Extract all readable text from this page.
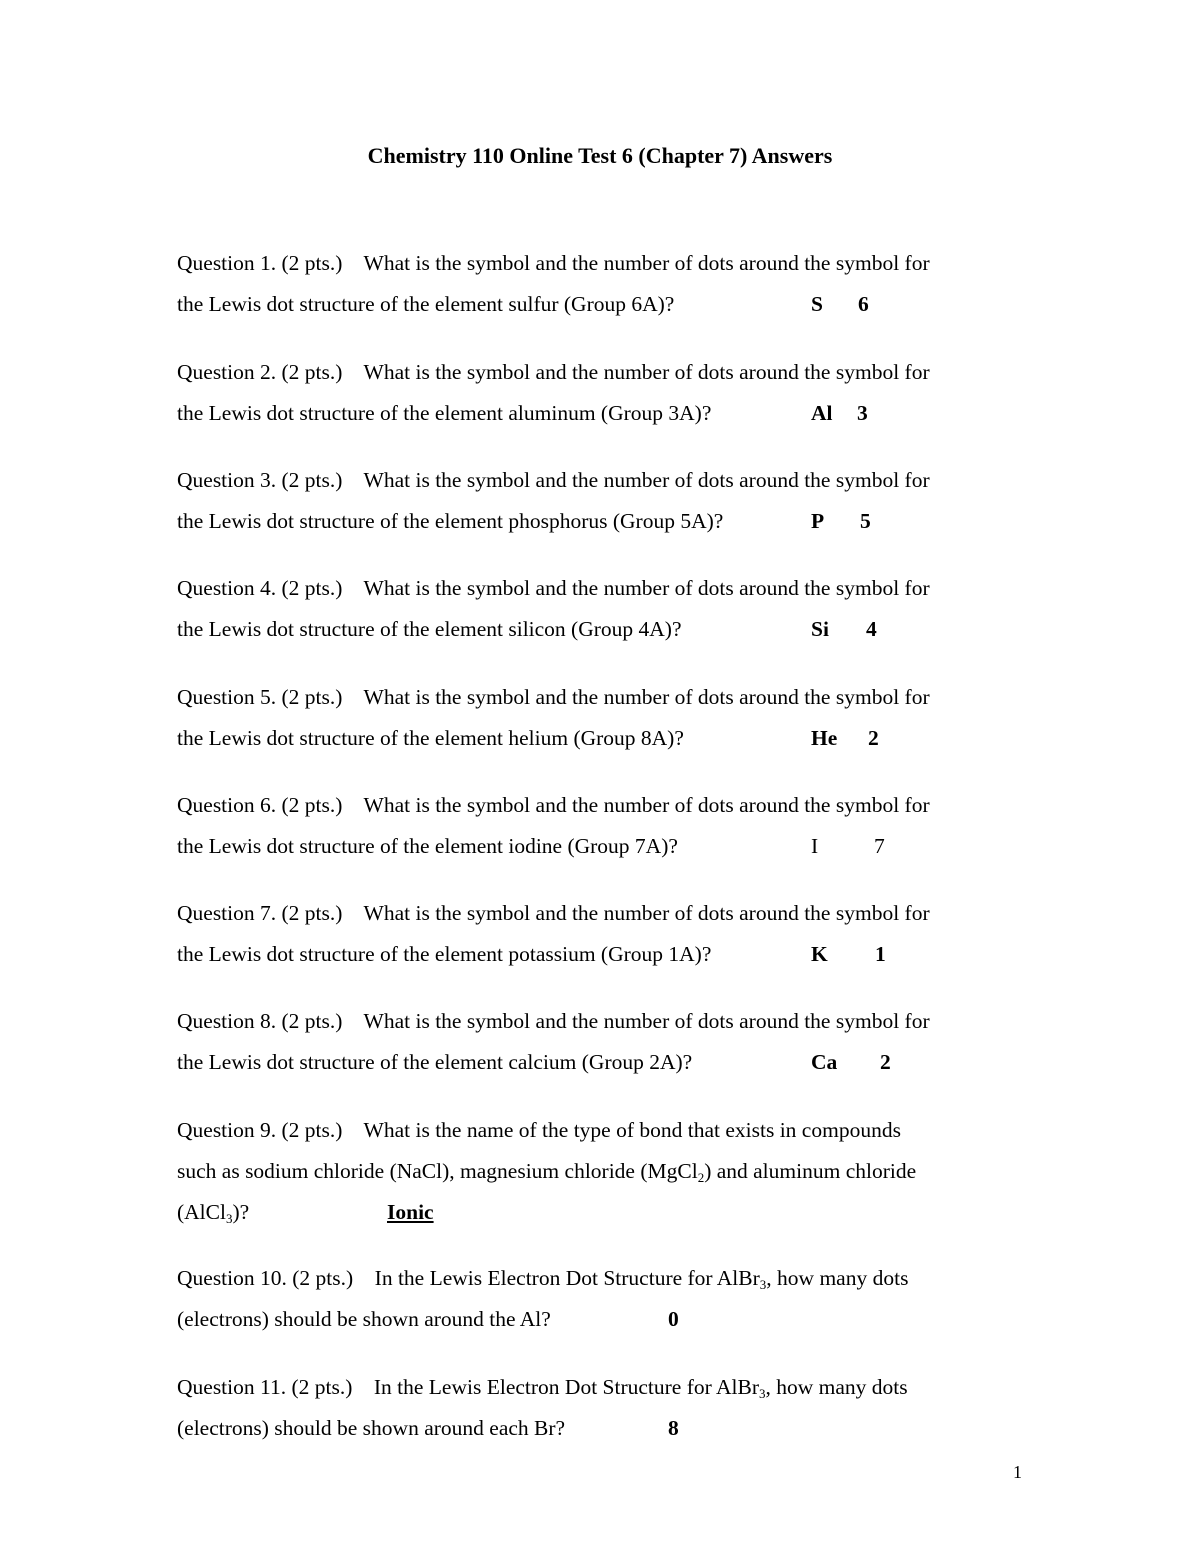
Chemistry 110 Online Test 6 (Chapter 7) Answers
Question 1. (2 pts.) What is the symbol and the number of dots around the symbol for
the Lewis dot structure of the element sulfur (Group 6A)?	S 6
Question 2. (2 pts.) What is the symbol and the number of dots around the symbol for
the Lewis dot structure of the element aluminum (Group 3A)?	Al 3
Question 3. (2 pts.) What is the symbol and the number of dots around the symbol for
the Lewis dot structure of the element phosphorus (Group 5A)?	P 5
Question 4. (2 pts.) What is the symbol and the number of dots around the symbol for
the Lewis dot structure of the element silicon (Group 4A)?	Si 4
Question 5. (2 pts.) What is the symbol and the number of dots around the symbol for
the Lewis dot structure of the element helium (Group 8A)?	He 2
Question 6. (2 pts.) What is the symbol and the number of dots around the symbol for
the Lewis dot structure of the element iodine (Group 7A)?	I	7
Question 7. (2 pts.) What is the symbol and the number of dots around the symbol for
the Lewis dot structure of the element potassium (Group 1A)?	K 1
Question 8. (2 pts.) What is the symbol and the number of dots around the symbol for
the Lewis dot structure of the element calcium (Group 2A)?	Ca 2
Question 9. (2 pts.) What is the name of the type of bond that exists in compounds
such as sodium chloride (NaCl), magnesium chloride (MgCl$_2$) and aluminum chloride
(AlCl$_3$)?	Ionic
Question 10. (2 pts.) In the Lewis Electron Dot Structure for AlBr$_3$, how many dots
(electrons) should be shown around the Al?	0
Question 11. (2 pts.) In the Lewis Electron Dot Structure for AlBr$_3$, how many dots
(electrons) should be shown around each Br?	8
1
